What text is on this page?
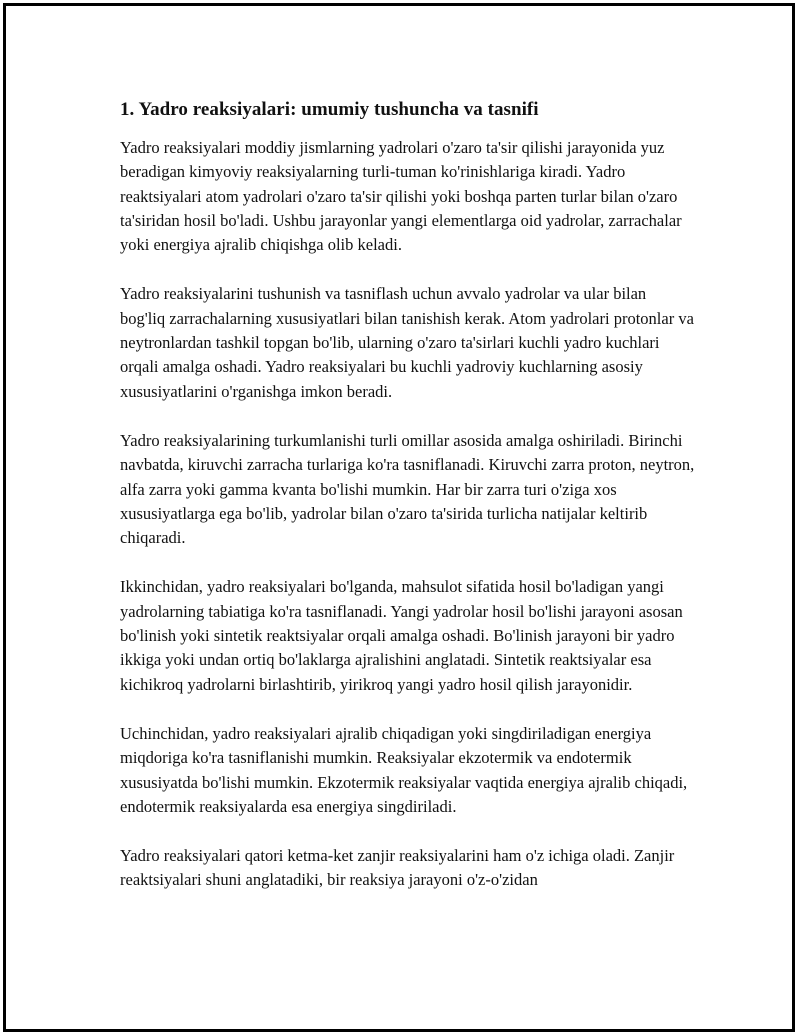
1. Yadro reaksiyalari: umumiy tushuncha va tasnifi

Yadro reaksiyalari moddiy jismlarning yadrolari o'zaro ta'sir qilishi jarayonida yuz beradigan kimyoviy reaksiyalarning turli-tuman ko'rinishlariga kiradi. Yadro reaktsiyalari atom yadrolari o'zaro ta'sir qilishi yoki boshqa parten turlar bilan o'zaro ta'siridan hosil bo'ladi. Ushbu jarayonlar yangi elementlarga oid yadrolar, zarrachalar yoki energiya ajralib chiqishga olib keladi.

Yadro reaksiyalarini tushunish va tasniflash uchun avvalo yadrolar va ular bilan bog'liq zarrachalarning xususiyatlari bilan tanishish kerak. Atom yadrolari protonlar va neytronlardan tashkil topgan bo'lib, ularning o'zaro ta'sirlari kuchli yadro kuchlari orqali amalga oshadi. Yadro reaksiyalari bu kuchli yadroviy kuchlarning asosiy xususiyatlarini o'rganishga imkon beradi.

Yadro reaksiyalarining turkumlanishi turli omillar asosida amalga oshiriladi. Birinchi navbatda, kiruvchi zarracha turlariga ko'ra tasniflanadi. Kiruvchi zarra proton, neytron, alfa zarra yoki gamma kvanta bo'lishi mumkin. Har bir zarra turi o'ziga xos xususiyatlarga ega bo'lib, yadrolar bilan o'zaro ta'sirida turlicha natijalar keltirib chiqaradi.

Ikkinchidan, yadro reaksiyalari bo'lganda, mahsulot sifatida hosil bo'ladigan yangi yadrolarning tabiatiga ko'ra tasniflanadi. Yangi yadrolar hosil bo'lishi jarayoni asosan bo'linish yoki sintetik reaktsiyalar orqali amalga oshadi. Bo'linish jarayoni bir yadro ikkiga yoki undan ortiq bo'laklarga ajralishini anglatadi. Sintetik reaktsiyalar esa kichikroq yadrolarni birlashtirib, yirikroq yangi yadro hosil qilish jarayonidir.

Uchinchidan, yadro reaksiyalari ajralib chiqadigan yoki singdiriladigan energiya miqdoriga ko'ra tasniflanishi mumkin. Reaksiyalar ekzotermik va endotermik xususiyatda bo'lishi mumkin. Ekzotermik reaksiyalar vaqtida energiya ajralib chiqadi, endotermik reaksiyalarda esa energiya singdiriladi.

Yadro reaksiyalari qatori ketma-ket zanjir reaksiyalarini ham o'z ichiga oladi. Zanjir reaktsiyalari shuni anglatadiki, bir reaksiya jarayoni o'z-o'zidan
